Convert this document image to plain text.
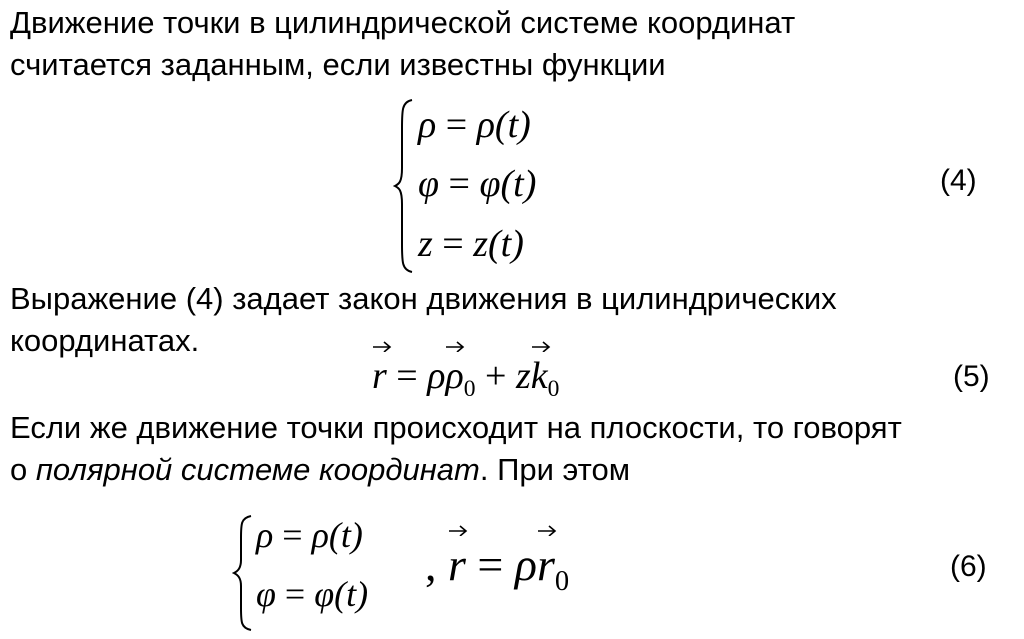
Движение точки в цилиндрической системе координат
считается заданным, если известны функции
ρ = ρ(t)
φ = φ(t)
z = z(t)
(4)
Выражение (4) задает закон движения в цилиндрических
координатах.
r = ρρ
$_0$ + zk
$_0$	(5)
Если же движение точки происходит на плоскости, то говорят
о полярной системе координат. При этом
ρ = ρ(t)
φ = φ(t)
, r = ρr
$_0$	(6)
